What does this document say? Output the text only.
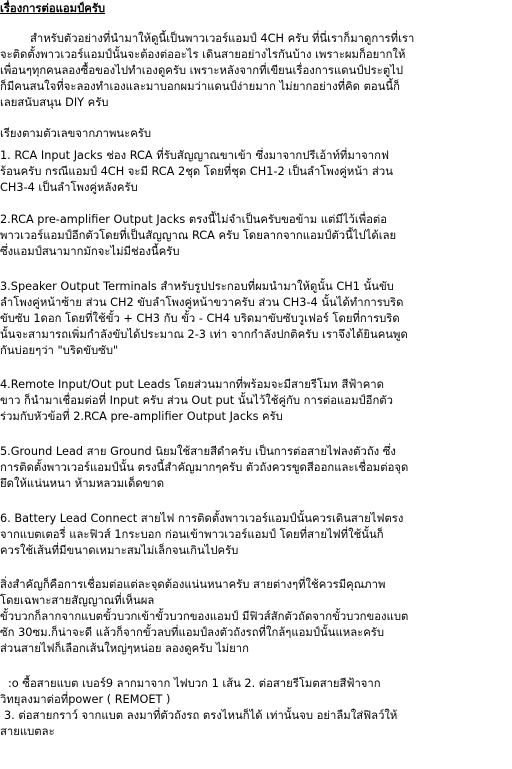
เรื่องการต่อแอมป์ครับ
สำหรับตัวอย่างที่นำมาให้ดูนี้เป็นพาวเวอร์แอมป์ 4CH ครับ ที่นี่เราก็มาดูการที่เรา
จะติดตั้งพาวเวอร์แอมป์นั้นจะต้องต่ออะไร เดินสายอย่างไรกันบ้าง เพราะผมก็อยากให้
เพื่อนๆทุกคนลองซื้อของไปทำเองดูครับ เพราะหลังจากที่เขียนเรื่องการแดนป์ประตูไป
ก็มีคนสนใจที่จะลองทำเองและมาบอกผมว่าแดนป์ง่ายมาก ไม่ยากอย่างที่คิด ตอนนี้ก็
เลยสนับสนุน DIY ครับ
เรียงตามตัวเลขจากภาพนะครับ
1. RCA Input Jacks ช่อง RCA ที่รับสัญญาณขาเข้า ซึ่งมาจากปรีเอ้าท์ที่มาจากฟ
ร้อนครับ กรณีแอมป์ 4CH จะมี RCA 2ชุด โดยที่ชุด CH1-2 เป็นลำโพงคู่หน้า ส่วน
CH3-4 เป็นลำโพงคู่หลังครับ
2.RCA pre-amplifier Output Jacks ตรงนี้ไม่จำเป็นครับขอข้าม แต่มีไว้เพื่อต่อ
พาวเวอร์แอมป์อีกตัวโดยที่เป็นสัญญาณ RCA ครับ โดยลากจากแอมป์ตัวนี้ไปได้เลย
ซึ่งแอมป์สนามากมักจะไม่มีช่องนี้ครับ
3.Speaker Output Terminals สำหรับรูปประกอบที่ผมนำมาให้ดูนั้น CH1 นั้นขับ
ลำโพงคู่หน้าซ้าย ส่วน CH2 ขับลำโพงคู่หน้าขวาครับ ส่วน CH3-4 นั้นได้ทำการบริด
ขับซับ 1ดอก โดยที่ใช้ขั้ว + CH3 กับ ขั้ว - CH4 บริดมาขับซับวูเฟอร์ โดยที่การบริด
นั้นจะสามารถเพิ่มกำลังขับได้ประมาณ 2-3 เท่า จากกำลังปกติครับ เราจึงได้ยินคนพูด
กันบ่อยๆว่า "บริดขับซับ"
4.Remote Input/Out put Leads โดยส่วนมากที่พร้อมจะมีสายรีโมท สีฟ้าคาด
ขาว ก็นำมาเชื่อมต่อที่ Input ครับ ส่วน Out put นั้นไว้ใช้คู่กับ การต่อแอมป์อีกตัว
ร่วมกับหัวข้อที่ 2.RCA pre-amplifier Output Jacks ครับ
5.Ground Lead สาย Ground นิยมใช้สายสีดำครับ เป็นการต่อสายไฟลงตัวถัง ซึ่ง
การติดตั้งพาวเวอร์แอมป์นั้น ตรงนี้สำคัญมากๆครับ ตัวถังควรขูดสีออกและเชื่อมต่อจุด
ยึดให้แน่นหนา ห้ามหลวมเด็ดขาด
6. Battery Lead Connect สายไฟ การติดตั้งพาวเวอร์แอมป์นั้นควรเดินสายไฟตรง
จากแบตเตอรี่ และฟิวส์ 1กระบอก ก่อนเข้าพาวเวอร์แอมป์ โดยที่สายไฟที่ใช้นั้นก็
ควรใช้เส้นที่มีขนาดเหมาะสมไม่เล็กจนเกินไปครับ
สิ่งสำคัญก็คือการเชื่อมต่อแต่ละจุดต้องแน่นหนาครับ สายต่างๆที่ใช้ควรมีคุณภาพ
โดยเฉพาะสายสัญญาณที่เห็นผล
ขั้วบวกก็ลากจากแบตขั้วบวกเข้าขั้วบวกของแอมป์ มีฟิวส์สักตัวถัดจากขั้วบวกของแบต
ซัก 30ซม.ก็น่าจะดี แล้วก็จากขั้วลบที่แอมป์ลงตัวถังรถที่ใกล้ๆแอมป์นั้นแหละครับ
ส่วนสายไฟก็เลือกเส้นใหญ่ๆหน่อย ลองดูครับ ไม่ยาก
:o ซื้อสายแบต เบอร์9 ลากมาจาก ไฟบวก 1 เส้น 2. ต่อสายรีโมตสายสีฟ้าจาก
วิทยุลงมาต่อที่power ( REMOET )
3. ต่อสายกราว์ จากแบต ลงมาที่ตัวถังรถ ตรงไหนก็ได้ เท่านั้นจบ อย่าลืมใส่ฟิลว์ให้
สายแบตละ
